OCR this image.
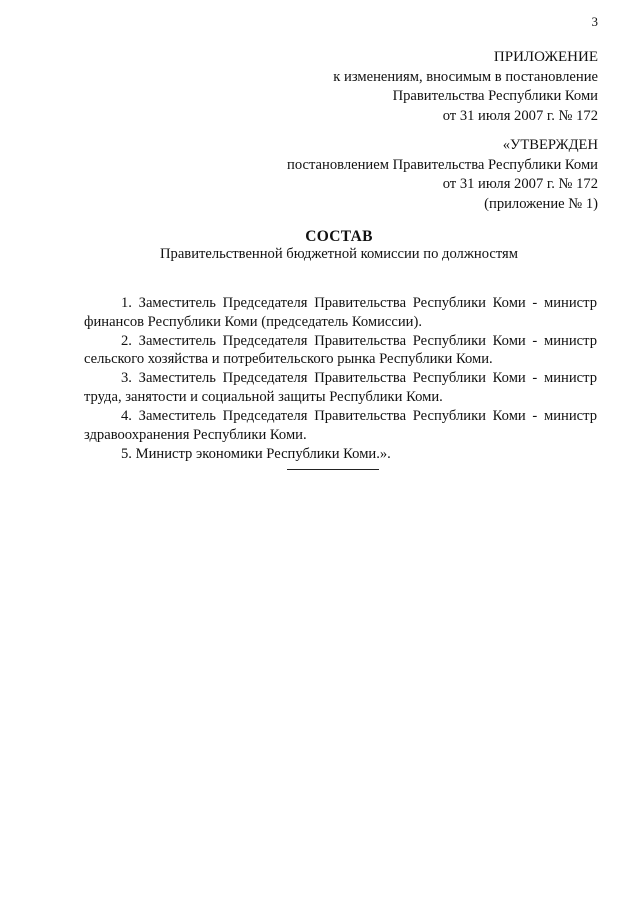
3
ПРИЛОЖЕНИЕ
к изменениям, вносимым в постановление
Правительства Республики Коми
от 31 июля 2007 г. № 172
«УТВЕРЖДЕН
постановлением Правительства Республики Коми
от 31 июля 2007 г. № 172
(приложение № 1)
СОСТАВ
Правительственной бюджетной комиссии по должностям
1. Заместитель Председателя Правительства Республики Коми - министр финансов Республики Коми (председатель Комиссии).
2. Заместитель Председателя Правительства Республики Коми - министр сельского хозяйства и потребительского рынка Республики Коми.
3. Заместитель Председателя Правительства Республики Коми - министр труда, занятости и социальной защиты Республики Коми.
4. Заместитель Председателя Правительства Республики Коми - министр здравоохранения Республики Коми.
5. Министр экономики Республики Коми.».
